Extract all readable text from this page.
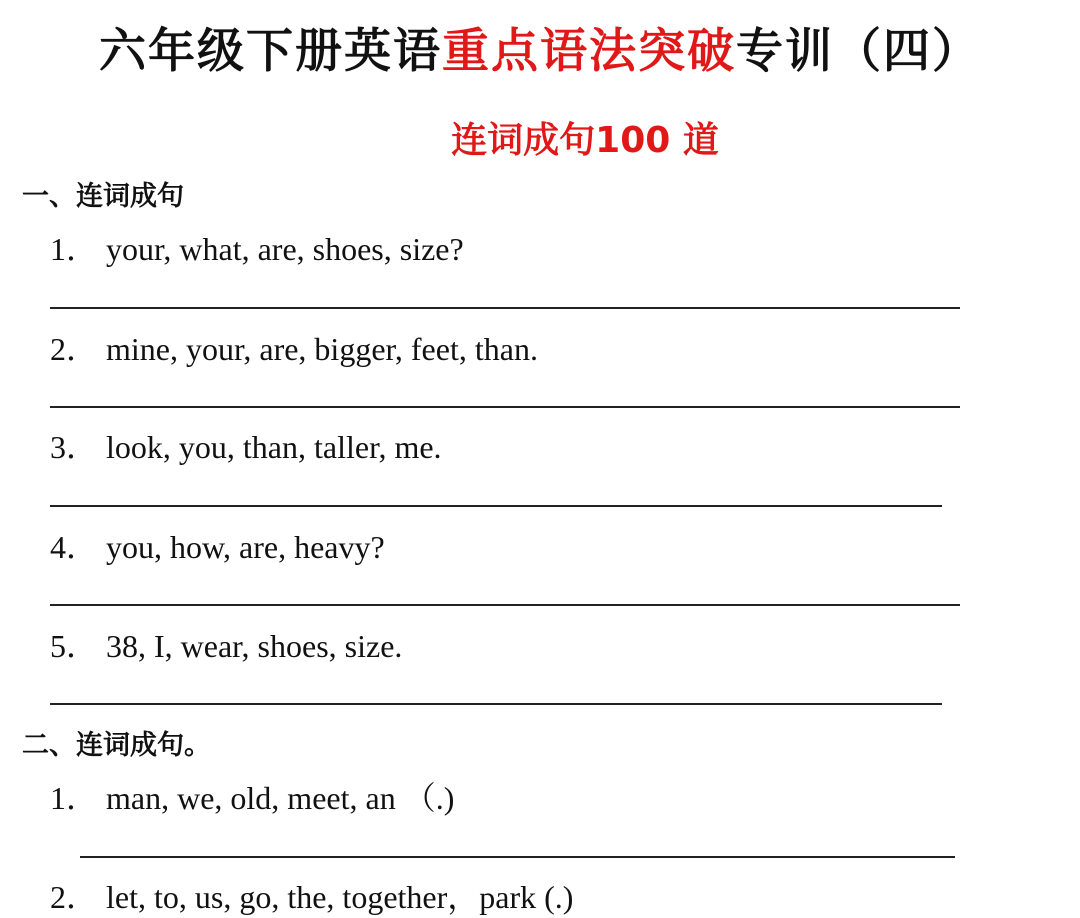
六年级下册英语重点语法突破专训（四）
连词成句100 道
一、连词成句
1． your, what, are, shoes, size?
2． mine, your, are, bigger, feet, than.
3． look, you, than, taller, me.
4． you, how, are, heavy?
5． 38, I, wear, shoes, size.
二、连词成句。
1． man, we, old, meet, an （.)
2． let, to, us, go, the, together，park (.)
